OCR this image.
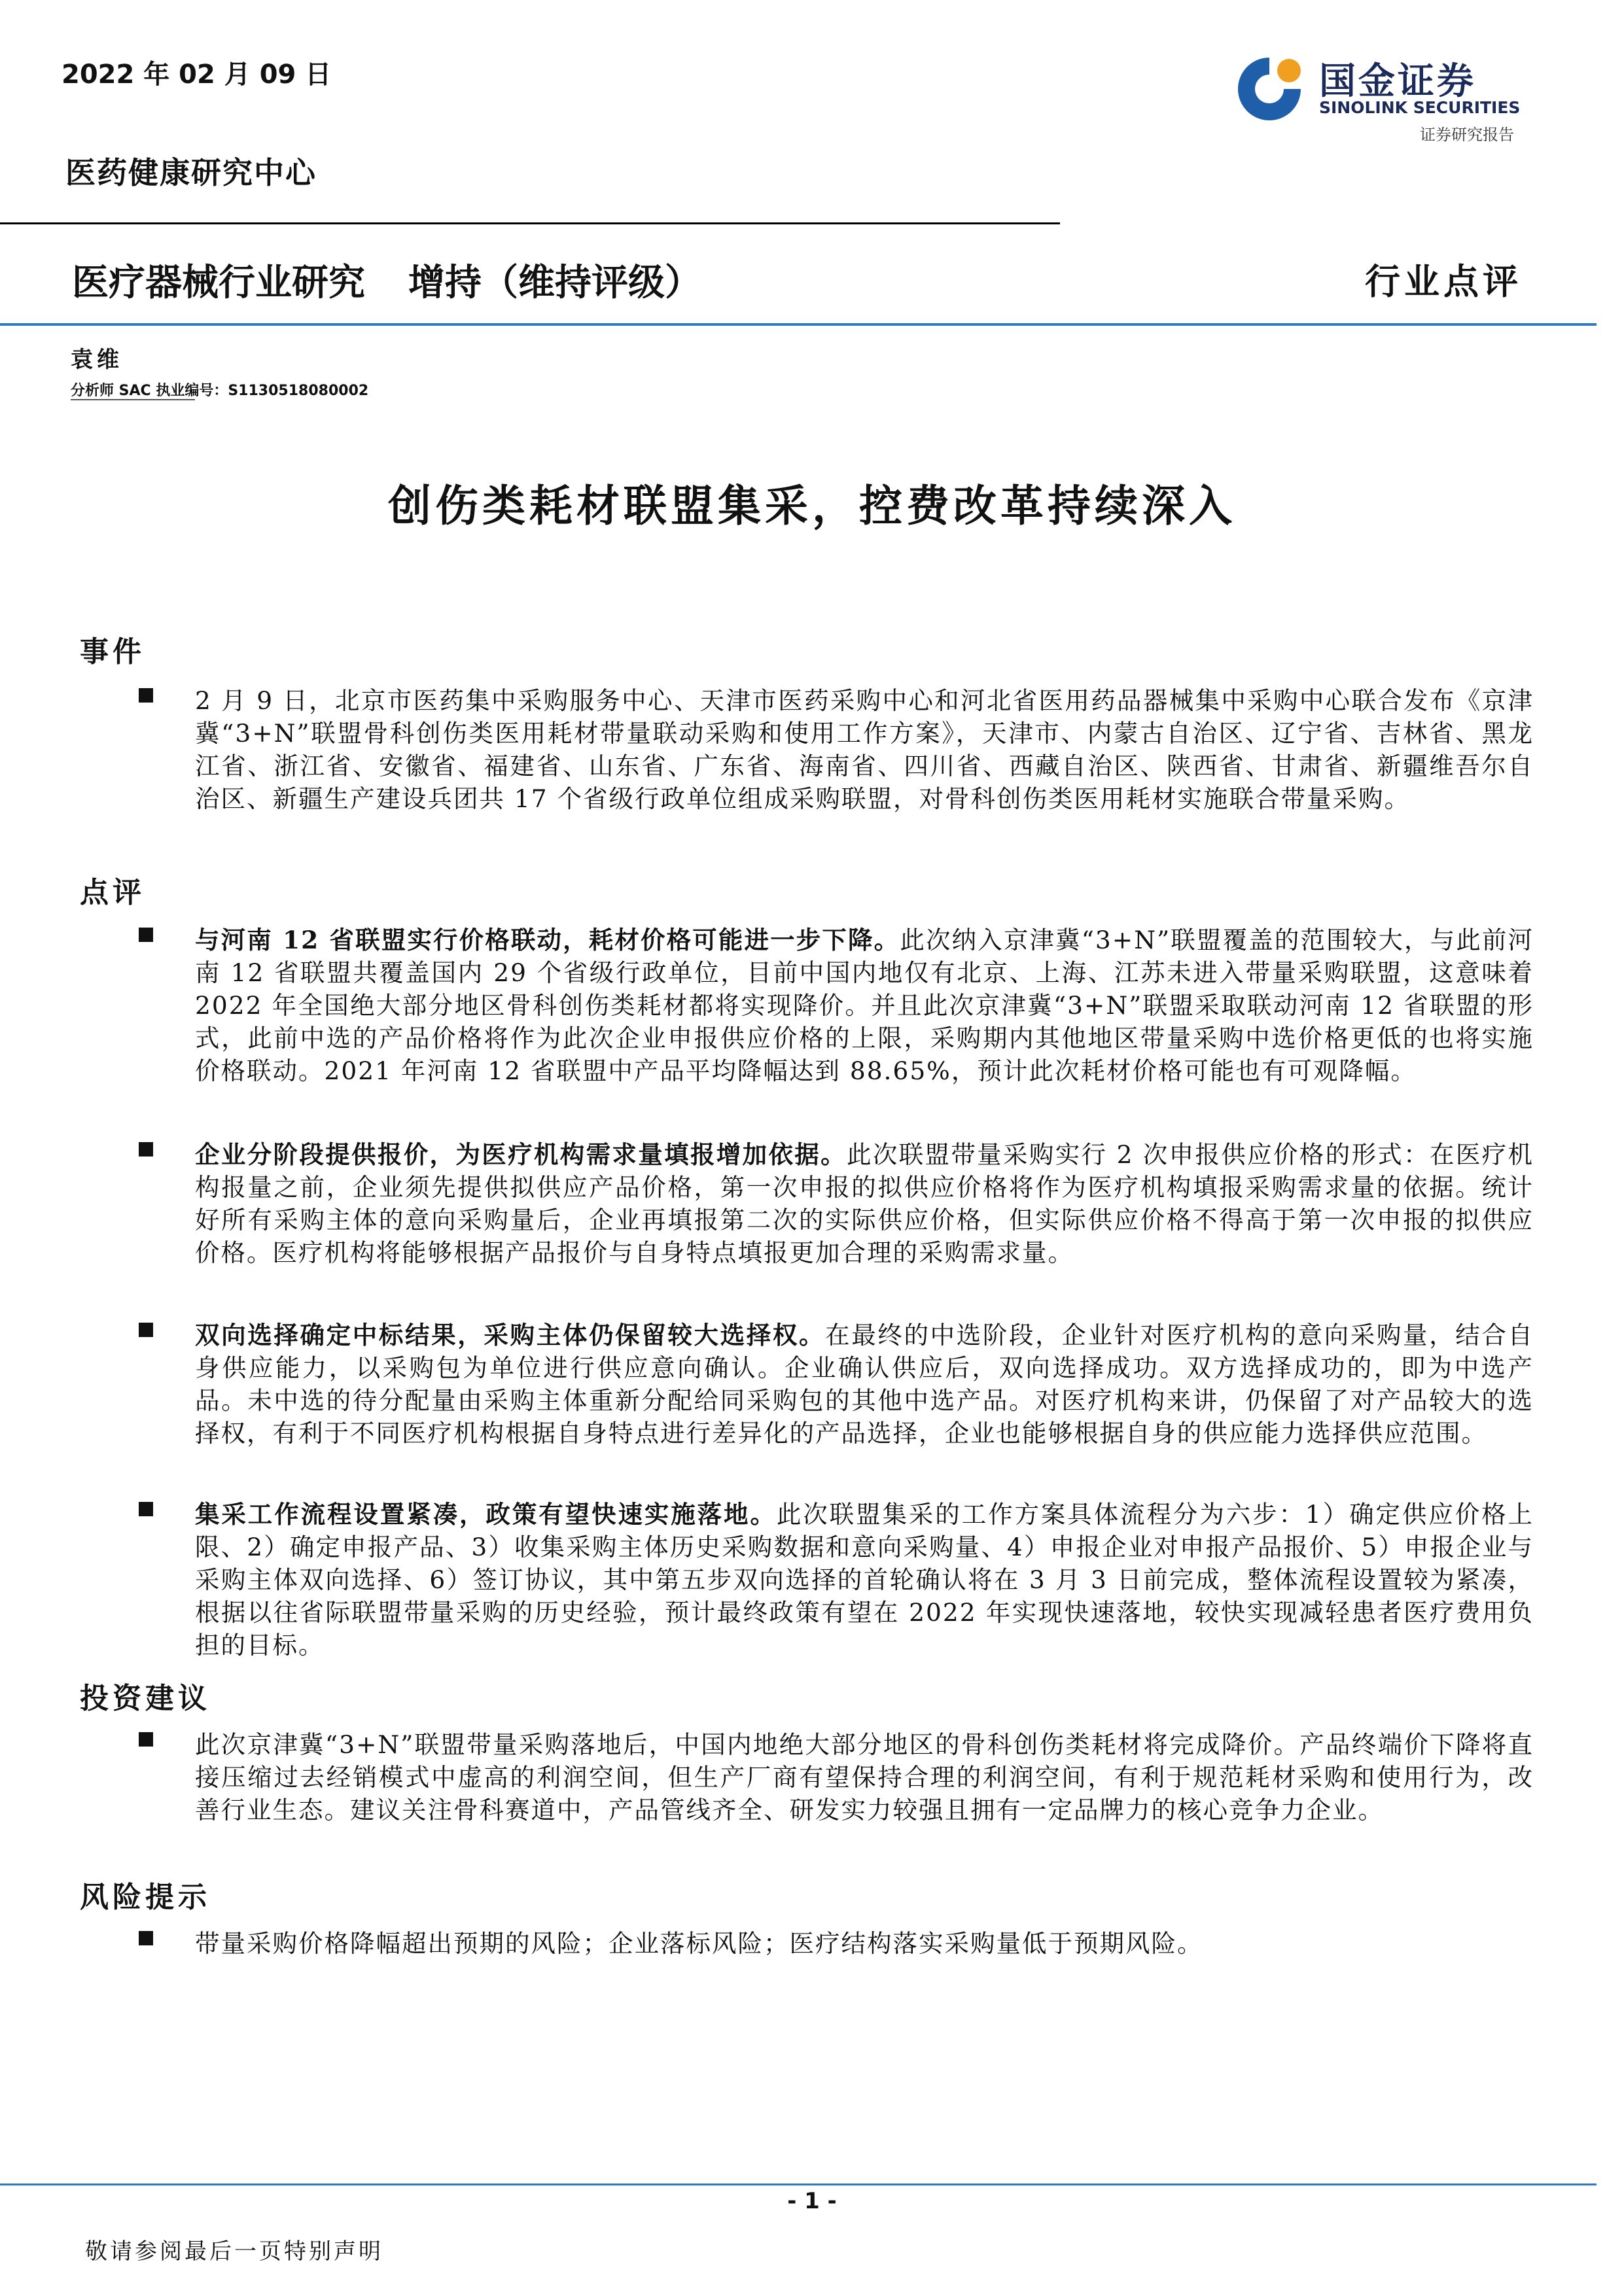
2022 年 02 月 09 日	国金证券
SINOLINK SECURITIES
证券研究报告
医药健康研究中心
医疗器械行业研究 增持（维持评级）	行业点评
袁维
分析师 SAC 执业编号：S1130518080002
创伤类耗材联盟集采，控费改革持续深入
事件
2 月 9 日，北京市医药集中采购服务中心、天津市医药采购中心和河北省医用药品器械集中采购中心联合发布《京津冀“3+N”联盟骨科创伤类医用耗材带量联动采购和使用工作方案》，天津市、内蒙古自治区、辽宁省、吉林省、黑龙江省、浙江省、安徽省、福建省、山东省、广东省、海南省、四川省、西藏自治区、陕西省、甘肃省、新疆维吾尔自治区、新疆生产建设兵团共 17 个省级行政单位组成采购联盟，对骨科创伤类医用耗材实施联合带量采购。
点评
与河南 12 省联盟实行价格联动，耗材价格可能进一步下降。此次纳入京津冀“3+N”联盟覆盖的范围较大，与此前河南 12 省联盟共覆盖国内 29 个省级行政单位，目前中国内地仅有北京、上海、江苏未进入带量采购联盟，这意味着 2022 年全国绝大部分地区骨科创伤类耗材都将实现降价。并且此次京津冀“3+N”联盟采取联动河南 12 省联盟的形式，此前中选的产品价格将作为此次企业申报供应价格的上限，采购期内其他地区带量采购中选价格更低的也将实施价格联动。2021 年河南 12 省联盟中产品平均降幅达到 88.65%，预计此次耗材价格可能也有可观降幅。
企业分阶段提供报价，为医疗机构需求量填报增加依据。此次联盟带量采购实行 2 次申报供应价格的形式：在医疗机构报量之前，企业须先提供拟供应产品价格，第一次申报的拟供应价格将作为医疗机构填报采购需求量的依据。统计好所有采购主体的意向采购量后，企业再填报第二次的实际供应价格，但实际供应价格不得高于第一次申报的拟供应价格。医疗机构将能够根据产品报价与自身特点填报更加合理的采购需求量。
双向选择确定中标结果，采购主体仍保留较大选择权。在最终的中选阶段，企业针对医疗机构的意向采购量，结合自身供应能力，以采购包为单位进行供应意向确认。企业确认供应后，双向选择成功。双方选择成功的，即为中选产品。未中选的待分配量由采购主体重新分配给同采购包的其他中选产品。对医疗机构来讲，仍保留了对产品较大的选择权，有利于不同医疗机构根据自身特点进行差异化的产品选择，企业也能够根据自身的供应能力选择供应范围。
集采工作流程设置紧凑，政策有望快速实施落地。此次联盟集采的工作方案具体流程分为六步：1）确定供应价格上限、2）确定申报产品、3）收集采购主体历史采购数据和意向采购量、4）申报企业对申报产品报价、5）申报企业与采购主体双向选择、6）签订协议，其中第五步双向选择的首轮确认将在 3 月 3 日前完成，整体流程设置较为紧凑，根据以往省际联盟带量采购的历史经验，预计最终政策有望在 2022 年实现快速落地，较快实现减轻患者医疗费用负担的目标。
投资建议
此次京津冀“3+N”联盟带量采购落地后，中国内地绝大部分地区的骨科创伤类耗材将完成降价。产品终端价下降将直接压缩过去经销模式中虚高的利润空间，但生产厂商有望保持合理的利润空间，有利于规范耗材采购和使用行为，改善行业生态。建议关注骨科赛道中，产品管线齐全、研发实力较强且拥有一定品牌力的核心竞争力企业。
风险提示
带量采购价格降幅超出预期的风险；企业落标风险；医疗结构落实采购量低于预期风险。
- 1 -
敬请参阅最后一页特别声明
